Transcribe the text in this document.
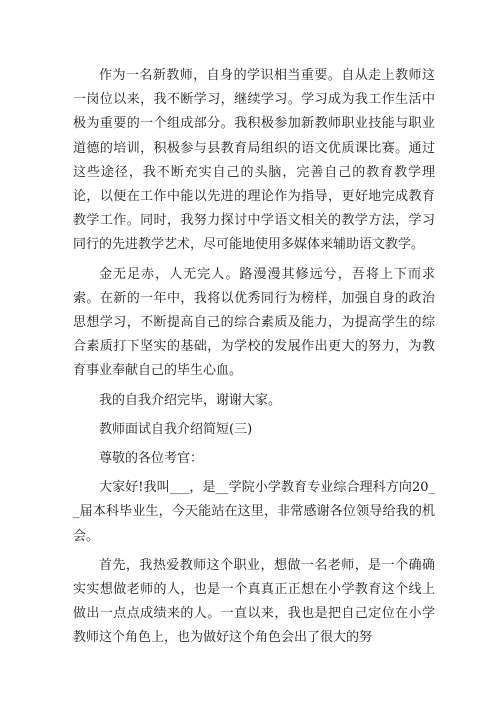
作为一名新教师，自身的学识相当重要。自从走上教师这一岗位以来，我不断学习，继续学习。学习成为我工作生活中极为重要的一个组成部分。我积极参加新教师职业技能与职业道德的培训，积极参与县教育局组织的语文优质课比赛。通过这些途径，我不断充实自己的头脑，完善自己的教育教学理论，以便在工作中能以先进的理论作为指导，更好地完成教育教学工作。同时，我努力探讨中学语文相关的教学方法，学习同行的先进教学艺术，尽可能地使用多媒体来辅助语文教学。

金无足赤，人无完人。路漫漫其修远兮，吾将上下而求索。在新的一年中，我将以优秀同行为榜样，加强自身的政治思想学习，不断提高自己的综合素质及能力，为提高学生的综合素质打下坚实的基础，为学校的发展作出更大的努力，为教育事业奉献自己的毕生心血。

我的自我介绍完毕，谢谢大家。

教师面试自我介绍简短(三)

尊敬的各位考官：

大家好!我叫___，是__学院小学教育专业综合理科方向20__届本科毕业生，今天能站在这里，非常感谢各位领导给我的机会。

首先，我热爱教师这个职业，想做一名老师，是一个确确实实想做老师的人，也是一个真真正正想在小学教育这个线上做出一点点成绩来的人。一直以来，我也是把自己定位在小学教师这个角色上，也为做好这个角色会出了很大的努
